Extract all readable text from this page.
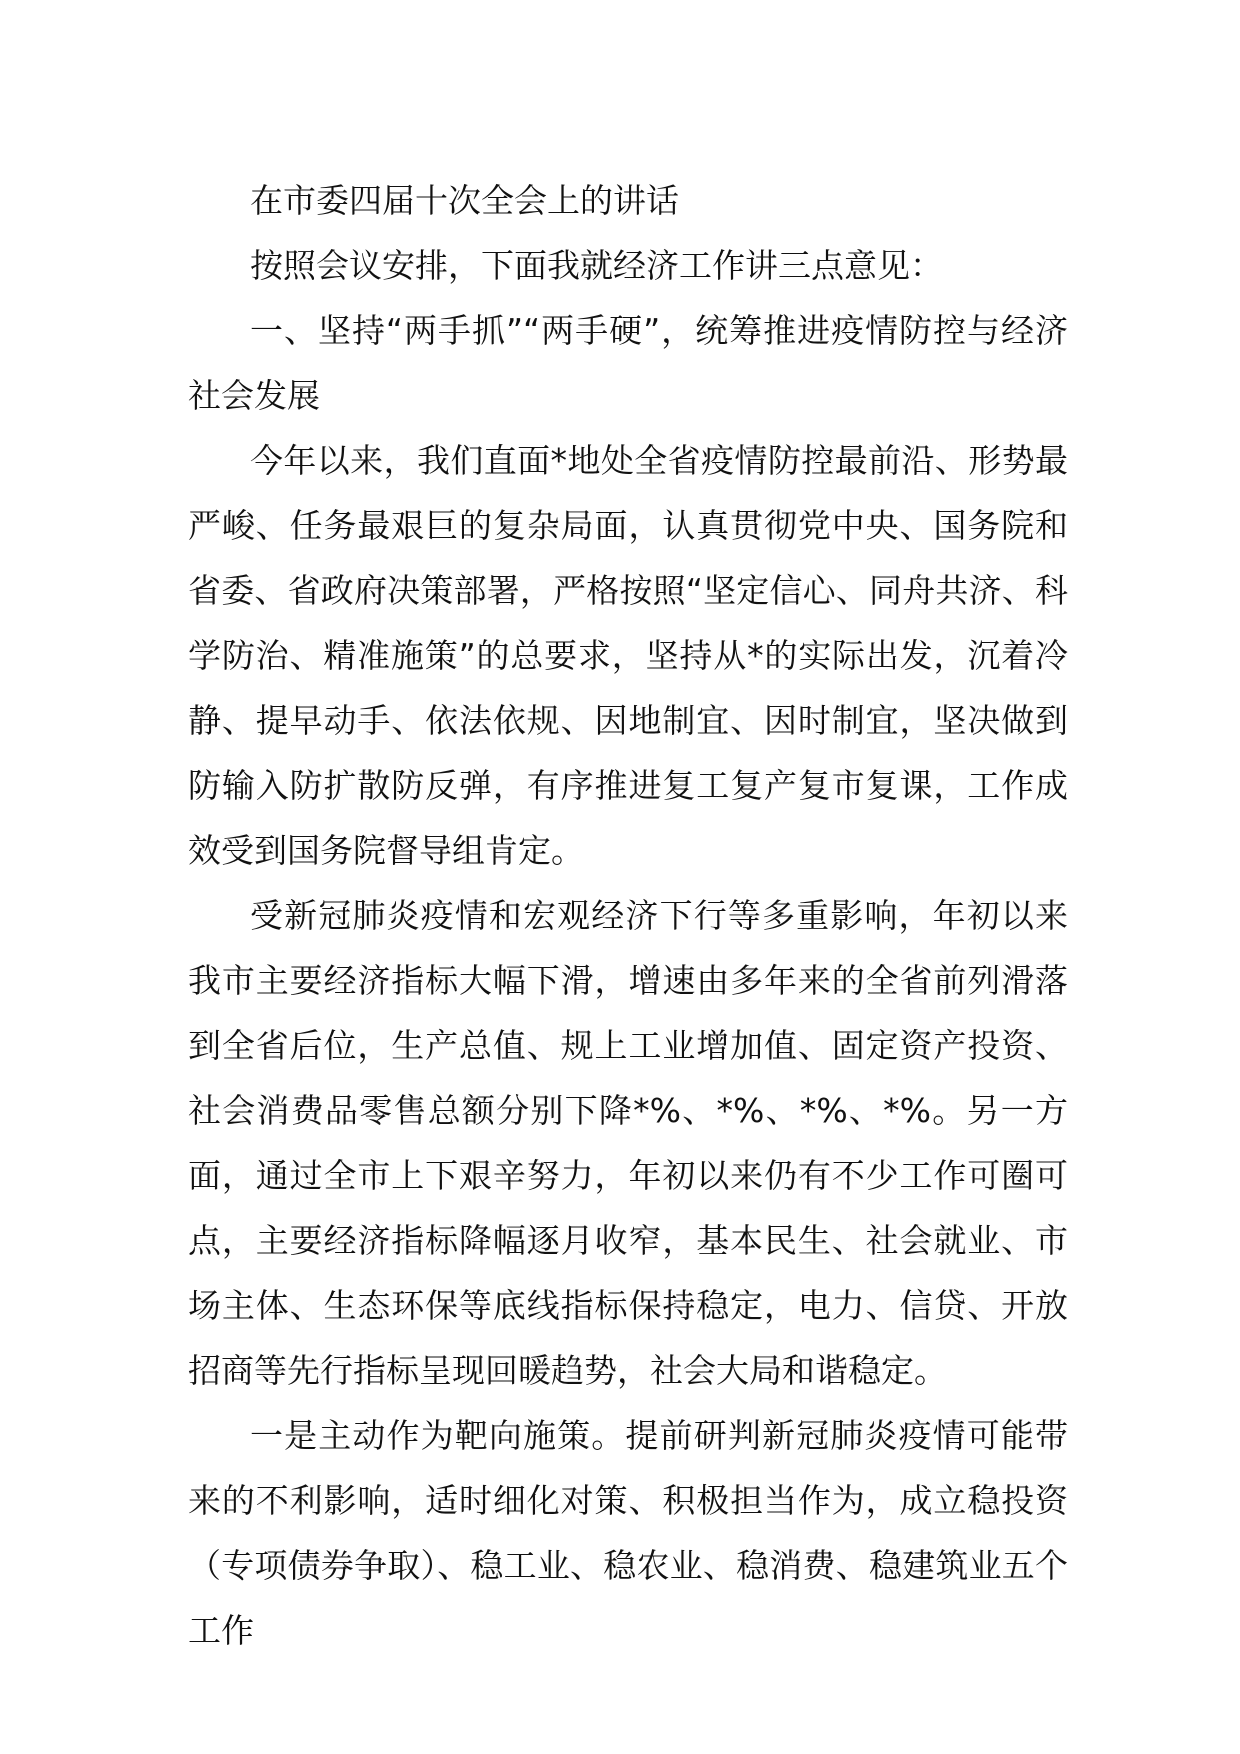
在市委四届十次全会上的讲话

按照会议安排，下面我就经济工作讲三点意见：

一、坚持“两手抓”“两手硬”，统筹推进疫情防控与经济社会发展

今年以来，我们直面*地处全省疫情防控最前沿、形势最严峻、任务最艰巨的复杂局面，认真贯彻党中央、国务院和省委、省政府决策部署，严格按照“坚定信心、同舟共济、科学防治、精准施策”的总要求，坚持从*的实际出发，沉着冷静、提早动手、依法依规、因地制宜、因时制宜，坚决做到防输入防扩散防反弹，有序推进复工复产复市复课，工作成效受到国务院督导组肯定。

受新冠肺炎疫情和宏观经济下行等多重影响，年初以来我市主要经济指标大幅下滑，增速由多年来的全省前列滑落到全省后位，生产总值、规上工业增加值、固定资产投资、社会消费品零售总额分别下降*%、*%、*%、*%。另一方面，通过全市上下艰辛努力，年初以来仍有不少工作可圈可点，主要经济指标降幅逐月收窄，基本民生、社会就业、市场主体、生态环保等底线指标保持稳定，电力、信贷、开放招商等先行指标呈现回暖趋势，社会大局和谐稳定。

一是主动作为靶向施策。提前研判新冠肺炎疫情可能带来的不利影响，适时细化对策、积极担当作为，成立稳投资（专项债券争取）、稳工业、稳农业、稳消费、稳建筑业五个工作
